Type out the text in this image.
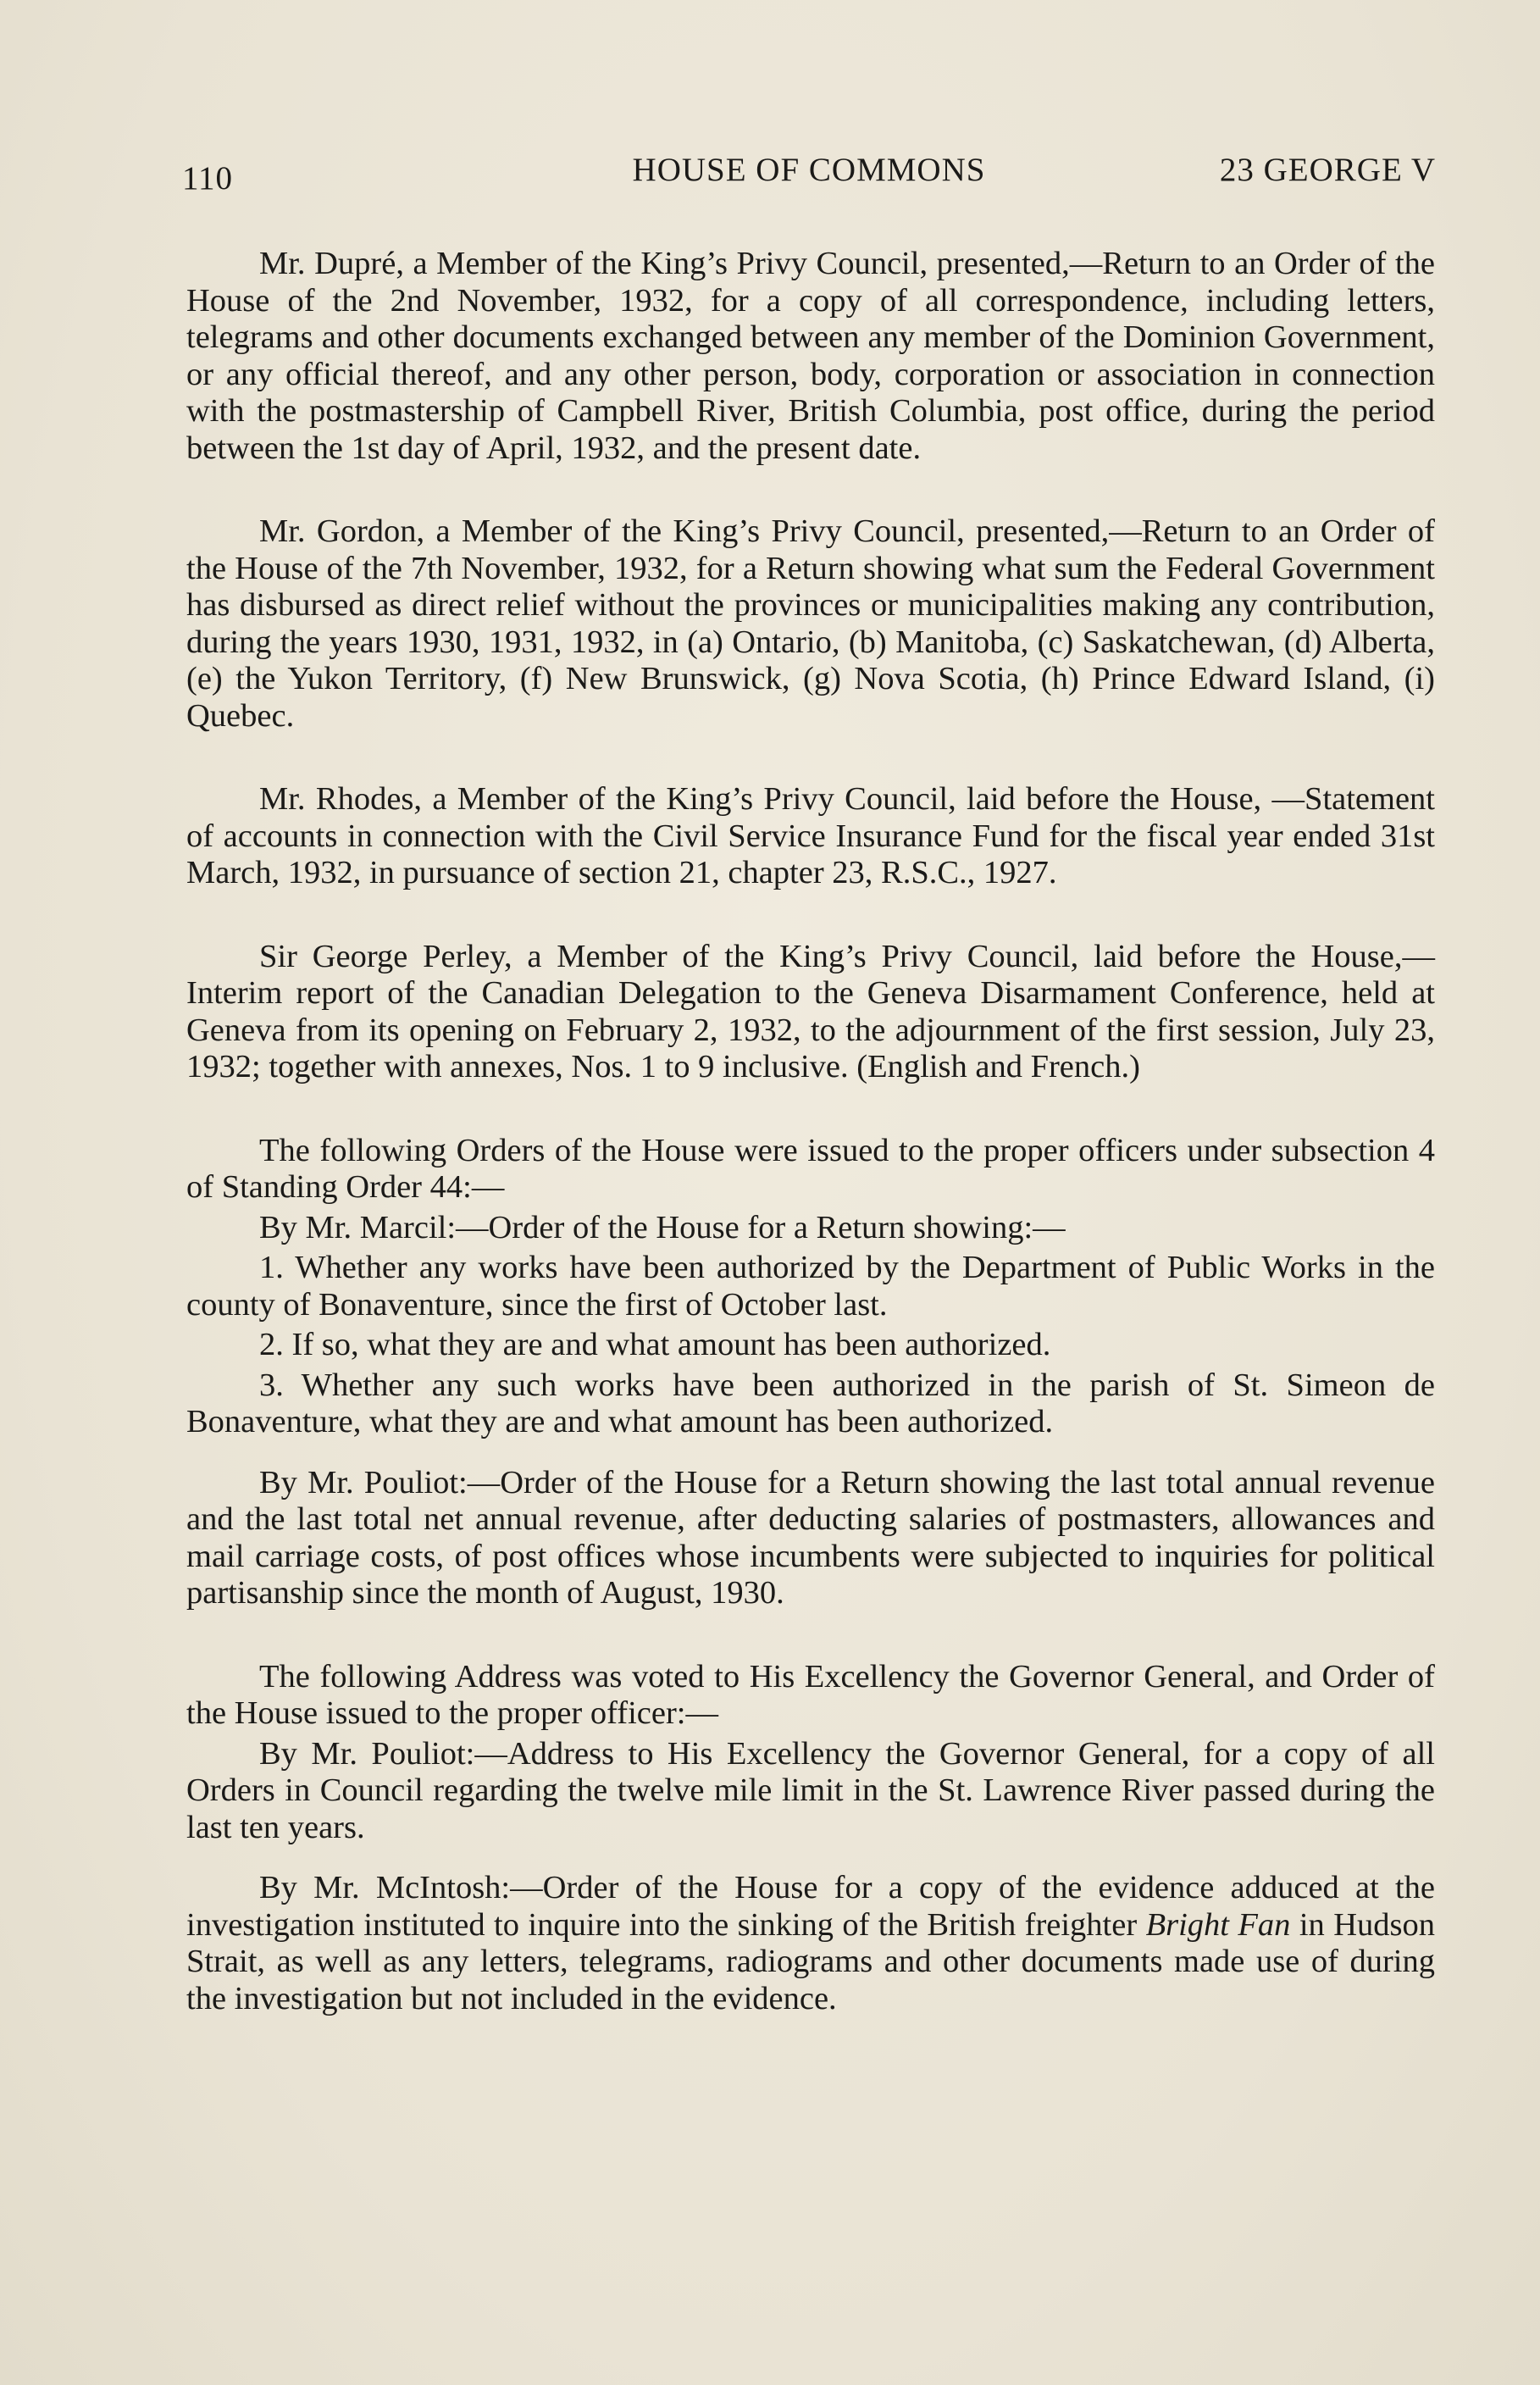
110	HOUSE OF COMMONS	23 GEORGE V

Mr. Dupré, a Member of the King’s Privy Council, presented,—Return to an Order of the House of the 2nd November, 1932, for a copy of all correspondence, including letters, telegrams and other documents exchanged between any member of the Dominion Government, or any official thereof, and any other person, body, corporation or association in connection with the postmastership of Campbell River, British Columbia, post office, during the period between the 1st day of April, 1932, and the present date.

Mr. Gordon, a Member of the King’s Privy Council, presented,—Return to an Order of the House of the 7th November, 1932, for a Return showing what sum the Federal Government has disbursed as direct relief without the provinces or municipalities making any contribution, during the years 1930, 1931, 1932, in (a) Ontario, (b) Manitoba, (c) Saskatchewan, (d) Alberta, (e) the Yukon Territory, (f) New Brunswick, (g) Nova Scotia, (h) Prince Edward Island, (i) Quebec.

Mr. Rhodes, a Member of the King’s Privy Council, laid before the House, —Statement of accounts in connection with the Civil Service Insurance Fund for the fiscal year ended 31st March, 1932, in pursuance of section 21, chapter 23, R.S.C., 1927.

Sir George Perley, a Member of the King’s Privy Council, laid before the House,—Interim report of the Canadian Delegation to the Geneva Disarmament Conference, held at Geneva from its opening on February 2, 1932, to the adjournment of the first session, July 23, 1932; together with annexes, Nos. 1 to 9 inclusive. (English and French.)

The following Orders of the House were issued to the proper officers under subsection 4 of Standing Order 44:—

By Mr. Marcil:—Order of the House for a Return showing:—

1. Whether any works have been authorized by the Department of Public Works in the county of Bonaventure, since the first of October last.

2. If so, what they are and what amount has been authorized.

3. Whether any such works have been authorized in the parish of St. Simeon de Bonaventure, what they are and what amount has been authorized.

By Mr. Pouliot:—Order of the House for a Return showing the last total annual revenue and the last total net annual revenue, after deducting salaries of postmasters, allowances and mail carriage costs, of post offices whose incumbents were subjected to inquiries for political partisanship since the month of August, 1930.

The following Address was voted to His Excellency the Governor General, and Order of the House issued to the proper officer:—

By Mr. Pouliot:—Address to His Excellency the Governor General, for a copy of all Orders in Council regarding the twelve mile limit in the St. Lawrence River passed during the last ten years.

By Mr. McIntosh:—Order of the House for a copy of the evidence adduced at the investigation instituted to inquire into the sinking of the British freighter Bright Fan in Hudson Strait, as well as any letters, telegrams, radiograms and other documents made use of during the investigation but not included in the evidence.
